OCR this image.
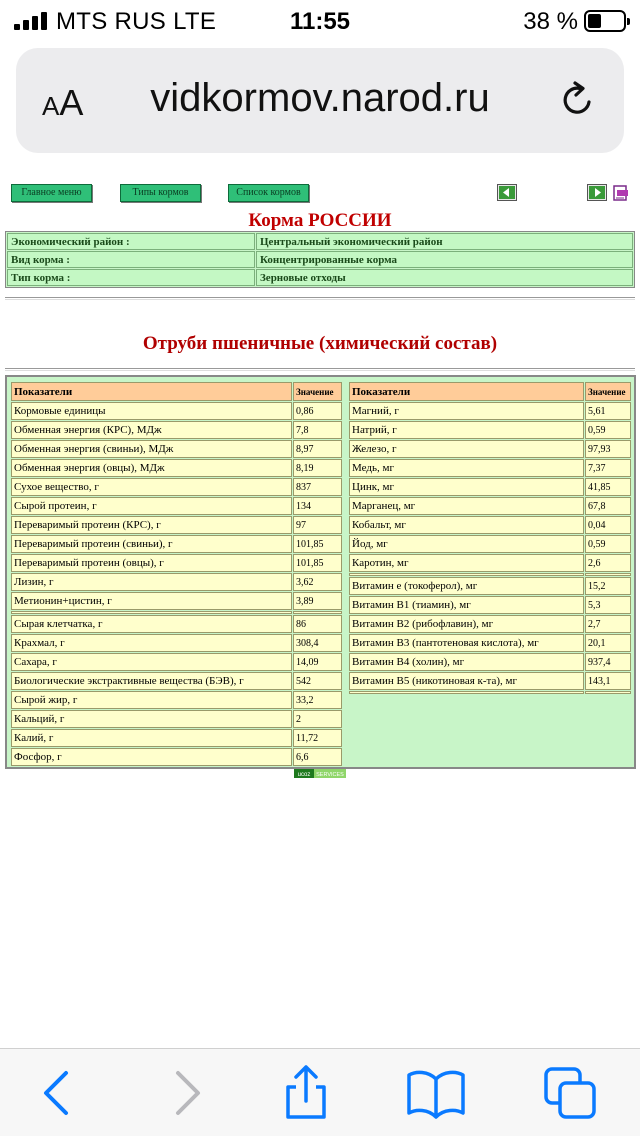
MTS RUS LTE	11:55	38 %
AA	vidkormov.narod.ru
Главное меню	Типы кормов	Список кормов
Корма РОССИИ
Экономический район :	Центральный экономический район
Вид корма :	Концентрированные корма
Тип корма :	Зерновые отходы
Отруби пшеничные (химический состав)
Показатели	Значение
Кормовые единицы	0,86
Обменная энергия (КРС), МДж	7,8
Обменная энергия (свиньи), МДж	8,97
Обменная энергия (овцы), МДж	8,19
Сухое вещество, г	837
Сырой протеин, г	134
Переваримый протеин (КРС), г	97
Переваримый протеин (свиньи), г	101,85
Переваримый протеин (овцы), г	101,85
Лизин, г	3,62
Метионин+цистин, г	3,89

Сырая клетчатка, г	86
Крахмал, г	308,4
Сахара, г	14,09
Биологические экстрактивные вещества (БЭВ), г	542
Сырой жир, г	33,2
Кальций, г	2
Калий, г	11,72
Фосфор, г	6,6
Показатели	Значение
Магний, г	5,61
Натрий, г	0,59
Железо, г	97,93
Медь, мг	7,37
Цинк, мг	41,85
Марганец, мг	67,8
Кобальт, мг	0,04
Йод, мг	0,59
Каротин, мг	2,6

Витамин е (токоферол), мг	15,2
Витамин В1 (тиамин), мг	5,3
Витамин В2 (рибофлавин), мг	2,7
Витамин В3 (пантотеновая кислота), мг	20,1
Витамин В4 (холин), мг	937,4
Витамин В5 (никотиновая к-та), мг	143,1

ucoz SERVICES
